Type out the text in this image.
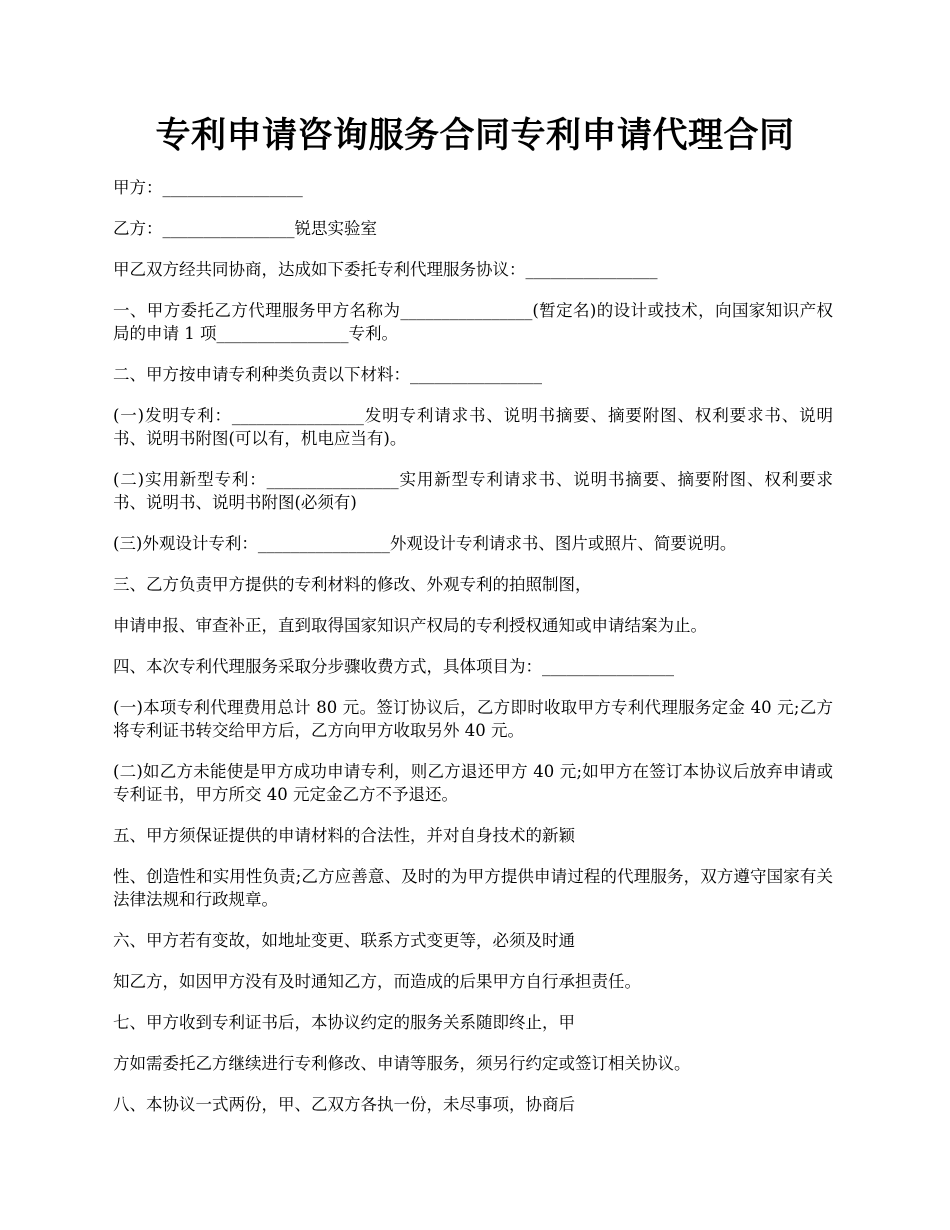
专利申请咨询服务合同专利申请代理合同

甲方：_________________

乙方：________________锐思实验室

甲乙双方经共同协商，达成如下委托专利代理服务协议：________________

一、甲方委托乙方代理服务甲方名称为________________(暂定名)的设计或技术，向国家知识产权局的申请 1 项________________专利。

二、甲方按申请专利种类负责以下材料：________________

(一)发明专利：________________发明专利请求书、说明书摘要、摘要附图、权利要求书、说明书、说明书附图(可以有，机电应当有)。

(二)实用新型专利：________________实用新型专利请求书、说明书摘要、摘要附图、权利要求书、说明书、说明书附图(必须有)

(三)外观设计专利：________________外观设计专利请求书、图片或照片、简要说明。

三、乙方负责甲方提供的专利材料的修改、外观专利的拍照制图，

申请申报、审查补正，直到取得国家知识产权局的专利授权通知或申请结案为止。

四、本次专利代理服务采取分步骤收费方式，具体项目为：________________

(一)本项专利代理费用总计 80 元。签订协议后，乙方即时收取甲方专利代理服务定金 40 元;乙方将专利证书转交给甲方后，乙方向甲方收取另外 40 元。

(二)如乙方未能使是甲方成功申请专利，则乙方退还甲方 40 元;如甲方在签订本协议后放弃申请或专利证书，甲方所交 40 元定金乙方不予退还。

五、甲方须保证提供的申请材料的合法性，并对自身技术的新颖

性、创造性和实用性负责;乙方应善意、及时的为甲方提供申请过程的代理服务，双方遵守国家有关法律法规和行政规章。

六、甲方若有变故，如地址变更、联系方式变更等，必须及时通

知乙方，如因甲方没有及时通知乙方，而造成的后果甲方自行承担责任。

七、甲方收到专利证书后，本协议约定的服务关系随即终止，甲

方如需委托乙方继续进行专利修改、申请等服务，须另行约定或签订相关协议。

八、本协议一式两份，甲、乙双方各执一份，未尽事项，协商后
